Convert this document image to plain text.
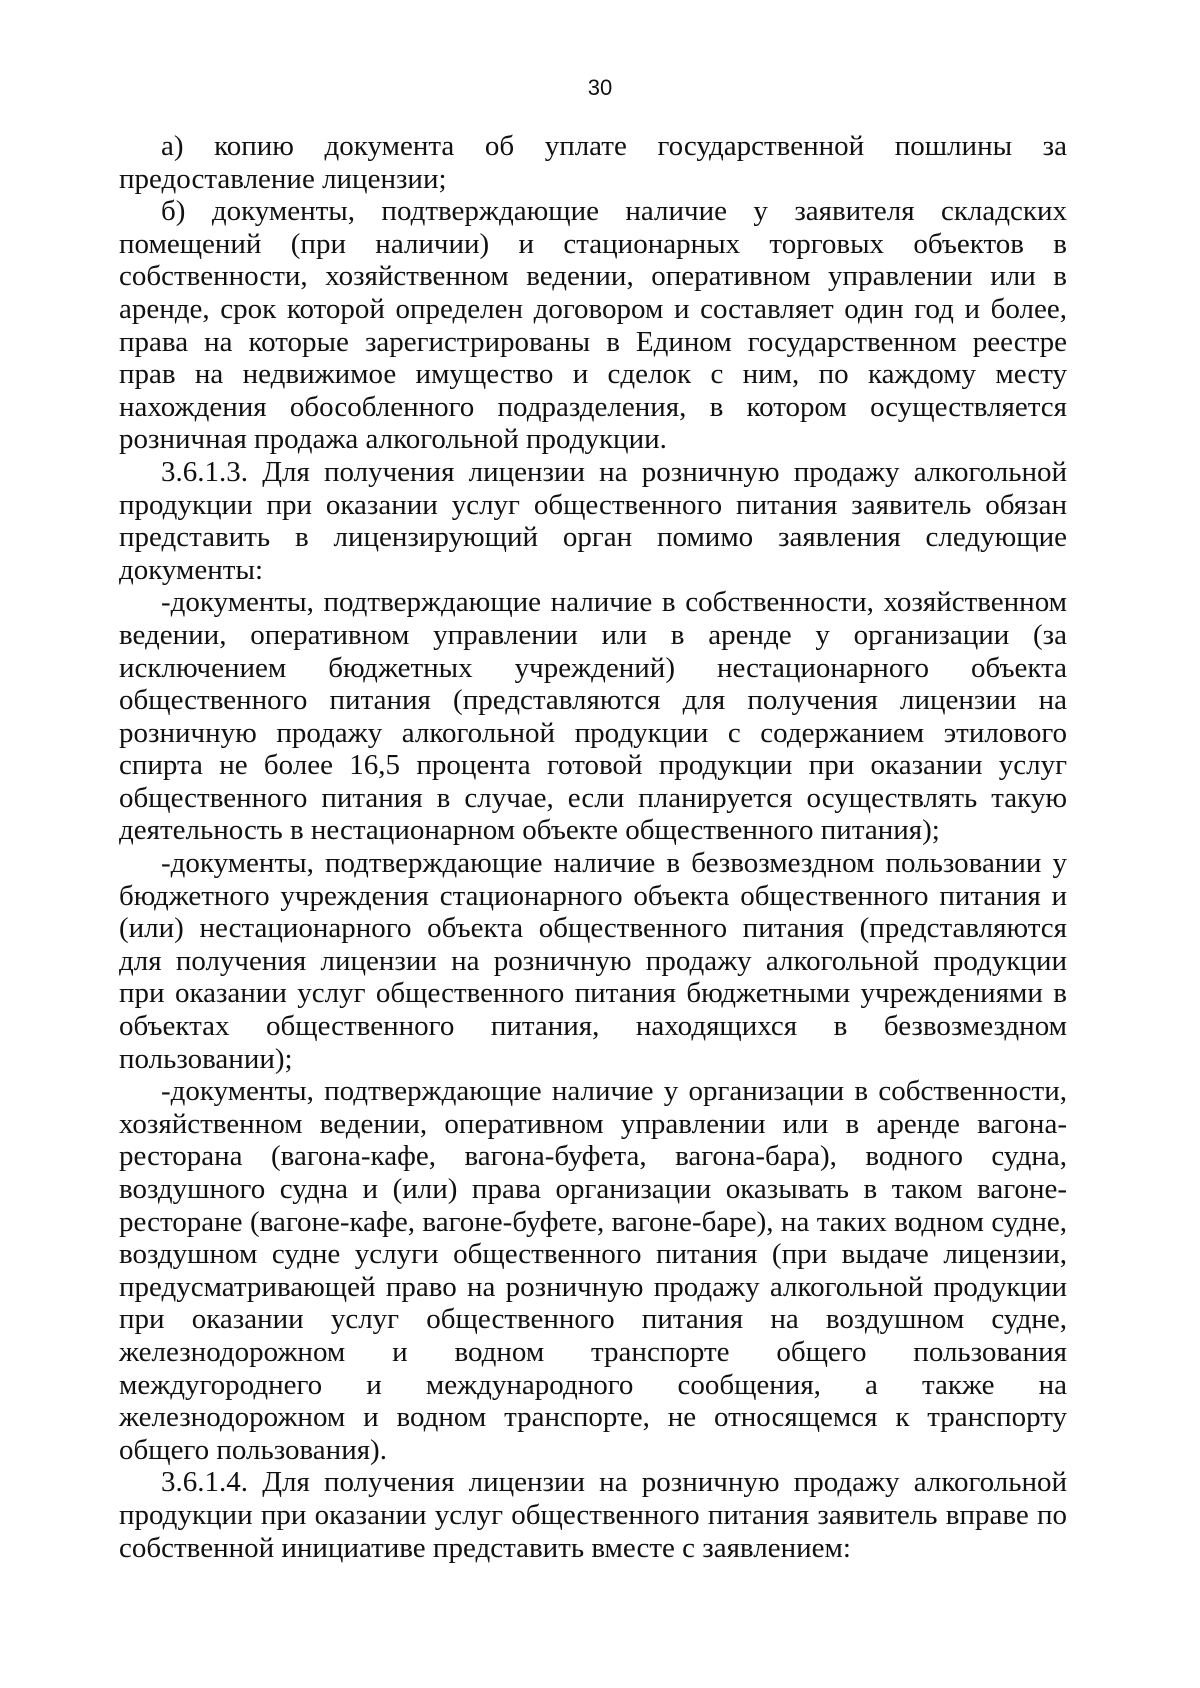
30

а) копию документа об уплате государственной пошлины за предоставление лицензии;

б) документы, подтверждающие наличие у заявителя складских помещений (при наличии) и стационарных торговых объектов в собственности, хозяйственном ведении, оперативном управлении или в аренде, срок которой определен договором и составляет один год и более, права на которые зарегистрированы в Едином государственном реестре прав на недвижимое имущество и сделок с ним, по каждому месту нахождения обособленного подразделения, в котором осуществляется розничная продажа алкогольной продукции.

3.6.1.3. Для получения лицензии на розничную продажу алкогольной продукции при оказании услуг общественного питания заявитель обязан представить в лицензирующий орган помимо заявления следующие документы:

-документы, подтверждающие наличие в собственности, хозяйственном ведении, оперативном управлении или в аренде у организации (за исключением бюджетных учреждений) нестационарного объекта общественного питания (представляются для получения лицензии на розничную продажу алкогольной продукции с содержанием этилового спирта не более 16,5 процента готовой продукции при оказании услуг общественного питания в случае, если планируется осуществлять такую деятельность в нестационарном объекте общественного питания);

-документы, подтверждающие наличие в безвозмездном пользовании у бюджетного учреждения стационарного объекта общественного питания и (или) нестационарного объекта общественного питания (представляются для получения лицензии на розничную продажу алкогольной продукции при оказании услуг общественного питания бюджетными учреждениями в объектах общественного питания, находящихся в безвозмездном пользовании);

-документы, подтверждающие наличие у организации в собственности, хозяйственном ведении, оперативном управлении или в аренде вагона-ресторана (вагона-кафе, вагона-буфета, вагона-бара), водного судна, воздушного судна и (или) права организации оказывать в таком вагоне-ресторане (вагоне-кафе, вагоне-буфете, вагоне-баре), на таких водном судне, воздушном судне услуги общественного питания (при выдаче лицензии, предусматривающей право на розничную продажу алкогольной продукции при оказании услуг общественного питания на воздушном судне, железнодорожном и водном транспорте общего пользования междугороднего и международного сообщения, а также на железнодорожном и водном транспорте, не относящемся к транспорту общего пользования).

3.6.1.4. Для получения лицензии на розничную продажу алкогольной продукции при оказании услуг общественного питания заявитель вправе по собственной инициативе представить вместе с заявлением:
